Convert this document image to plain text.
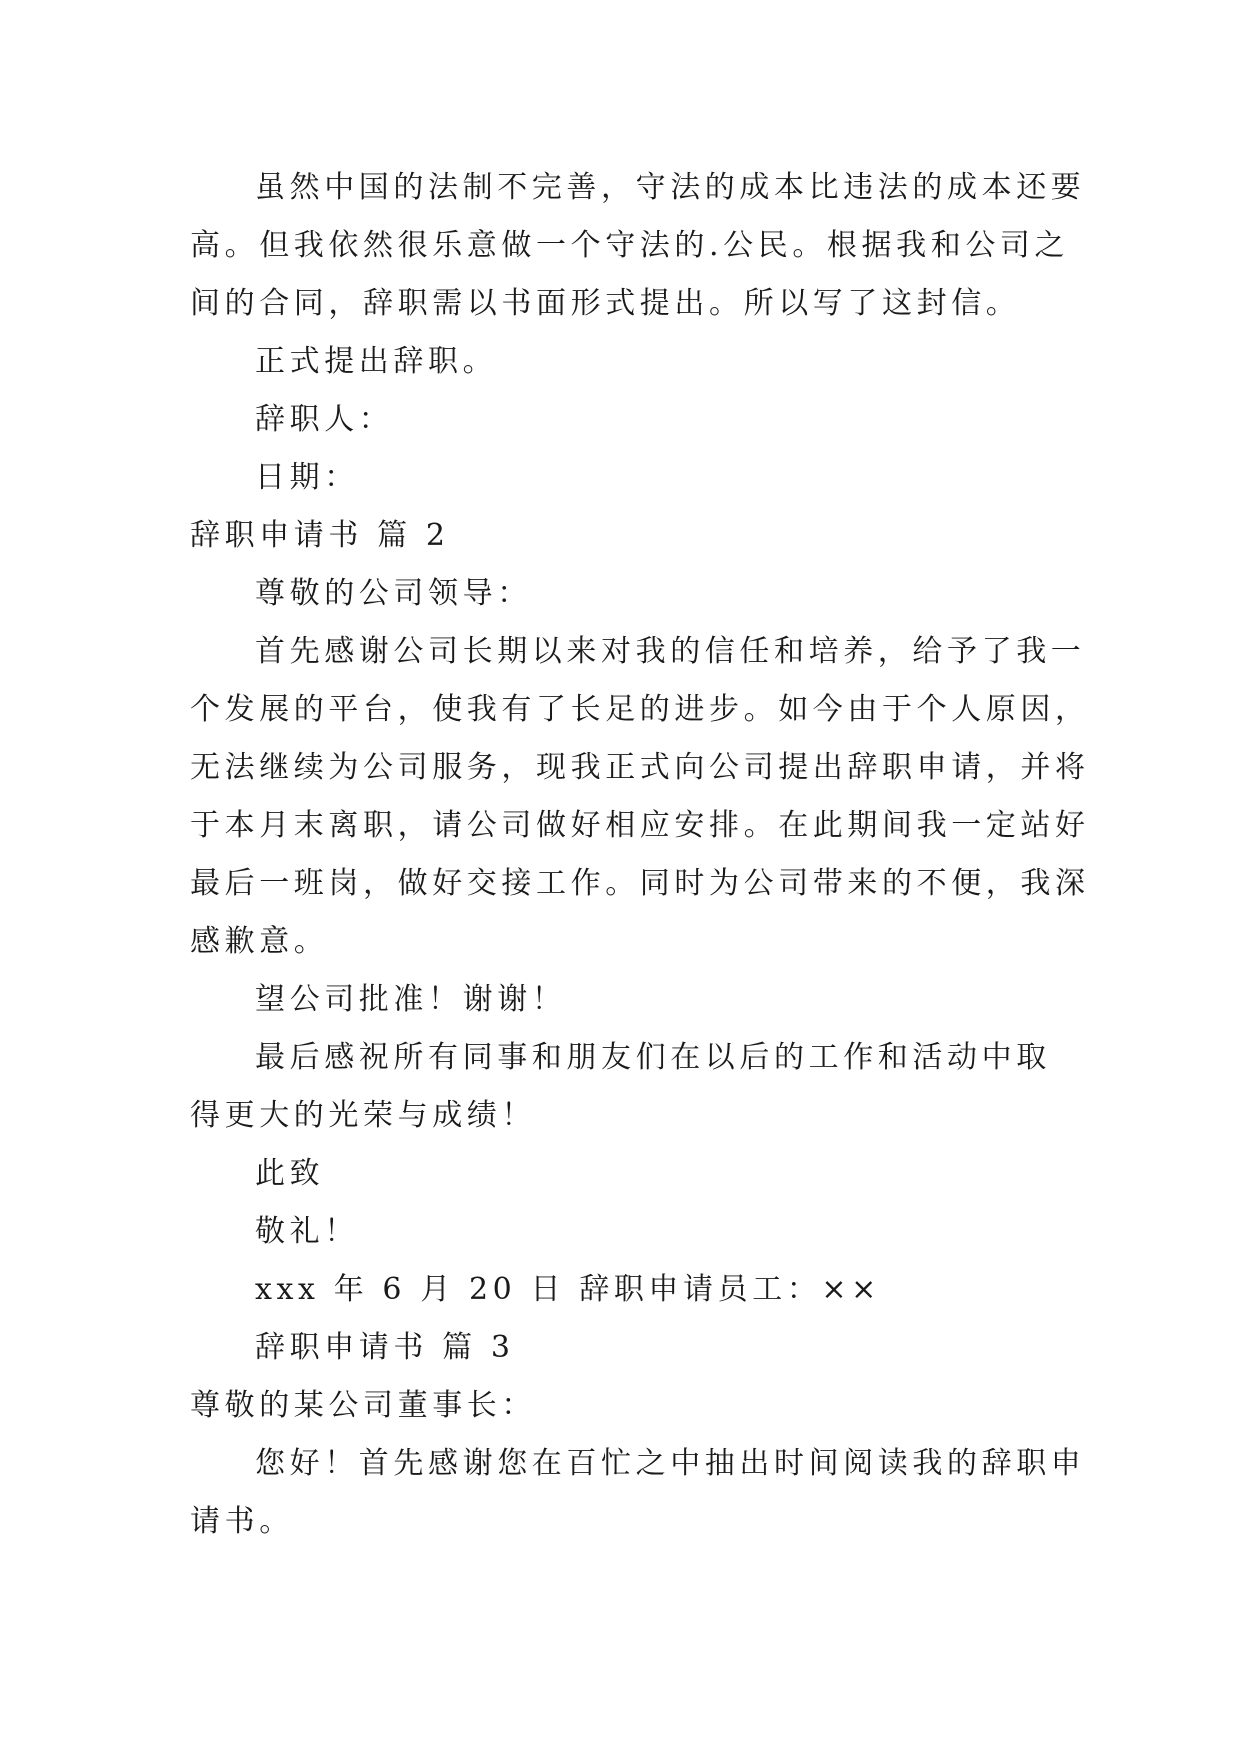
虽然中国的法制不完善，守法的成本比违法的成本还要
高。但我依然很乐意做一个守法的.公民。根据我和公司之
间的合同，辞职需以书面形式提出。所以写了这封信。
正式提出辞职。
辞职人：
日期：
辞职申请书 篇 2
尊敬的公司领导：
首先感谢公司长期以来对我的信任和培养，给予了我一
个发展的平台，使我有了长足的进步。如今由于个人原因，
无法继续为公司服务，现我正式向公司提出辞职申请，并将
于本月末离职，请公司做好相应安排。在此期间我一定站好
最后一班岗，做好交接工作。同时为公司带来的不便，我深
感歉意。
望公司批准！谢谢！
最后感祝所有同事和朋友们在以后的工作和活动中取
得更大的光荣与成绩！
此致
敬礼！
xxx 年 6 月 20 日 辞职申请员工：××
辞职申请书 篇 3
尊敬的某公司董事长：
您好！首先感谢您在百忙之中抽出时间阅读我的辞职申
请书。
